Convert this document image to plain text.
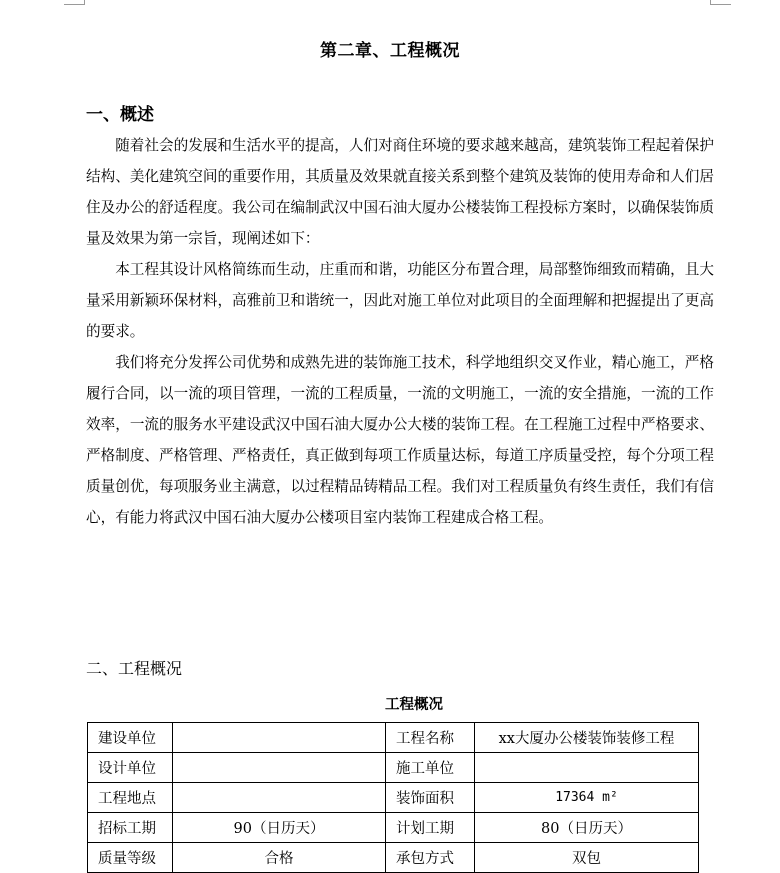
第二章、工程概况
一、概述

随着社会的发展和生活水平的提高，人们对商住环境的要求越来越高，建筑装饰工程起着保护结构、美化建筑空间的重要作用，其质量及效果就直接关系到整个建筑及装饰的使用寿命和人们居住及办公的舒适程度。我公司在编制武汉中国石油大厦办公楼装饰工程投标方案时，以确保装饰质量及效果为第一宗旨，现阐述如下：

本工程其设计风格简练而生动，庄重而和谐，功能区分布置合理，局部整饰细致而精确，且大量采用新颖环保材料，高雅前卫和谐统一，因此对施工单位对此项目的全面理解和把握提出了更高的要求。

我们将充分发挥公司优势和成熟先进的装饰施工技术，科学地组织交叉作业，精心施工，严格履行合同，以一流的项目管理，一流的工程质量，一流的文明施工，一流的安全措施，一流的工作效率，一流的服务水平建设武汉中国石油大厦办公大楼的装饰工程。在工程施工过程中严格要求、严格制度、严格管理、严格责任，真正做到每项工作质量达标，每道工序质量受控，每个分项工程质量创优，每项服务业主满意，以过程精品铸精品工程。我们对工程质量负有终生责任，我们有信心，有能力将武汉中国石油大厦办公楼项目室内装饰工程建成合格工程。

二、工程概况
工程概况
建设单位		工程名称	xx大厦办公楼装饰装修工程
设计单位		施工单位	
工程地点		装饰面积	17364 m²
招标工期	90（日历天）	计划工期	80（日历天）
质量等级	合格	承包方式	双包
